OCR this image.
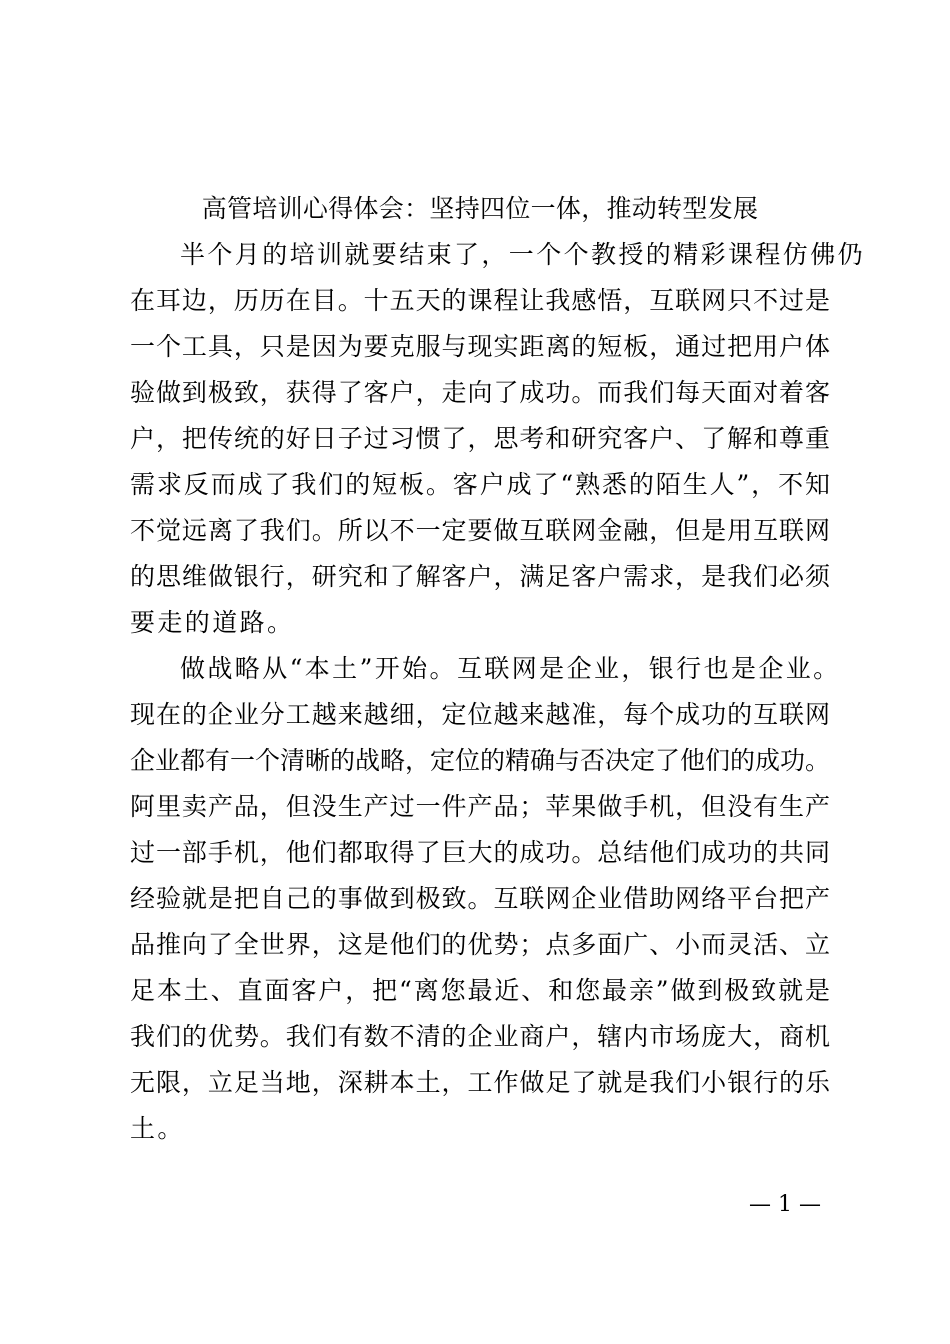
高管培训心得体会：坚持四位一体，推动转型发展
半个月的培训就要结束了，一个个教授的精彩课程仿佛仍
在耳边，历历在目。十五天的课程让我感悟，互联网只不过是
一个工具，只是因为要克服与现实距离的短板，通过把用户体
验做到极致，获得了客户，走向了成功。而我们每天面对着客
户，把传统的好日子过习惯了，思考和研究客户、了解和尊重
需求反而成了我们的短板。客户成了“熟悉的陌生人”，不知
不觉远离了我们。所以不一定要做互联网金融，但是用互联网
的思维做银行，研究和了解客户，满足客户需求，是我们必须
要走的道路。
做战略从“本土”开始。互联网是企业，银行也是企业。
现在的企业分工越来越细，定位越来越准，每个成功的互联网
企业都有一个清晰的战略，定位的精确与否决定了他们的成功。
阿里卖产品，但没生产过一件产品；苹果做手机，但没有生产
过一部手机，他们都取得了巨大的成功。总结他们成功的共同
经验就是把自己的事做到极致。互联网企业借助网络平台把产
品推向了全世界，这是他们的优势；点多面广、小而灵活、立
足本土、直面客户，把“离您最近、和您最亲”做到极致就是
我们的优势。我们有数不清的企业商户，辖内市场庞大，商机
无限，立足当地，深耕本土，工作做足了就是我们小银行的乐
土。
— 1 —
